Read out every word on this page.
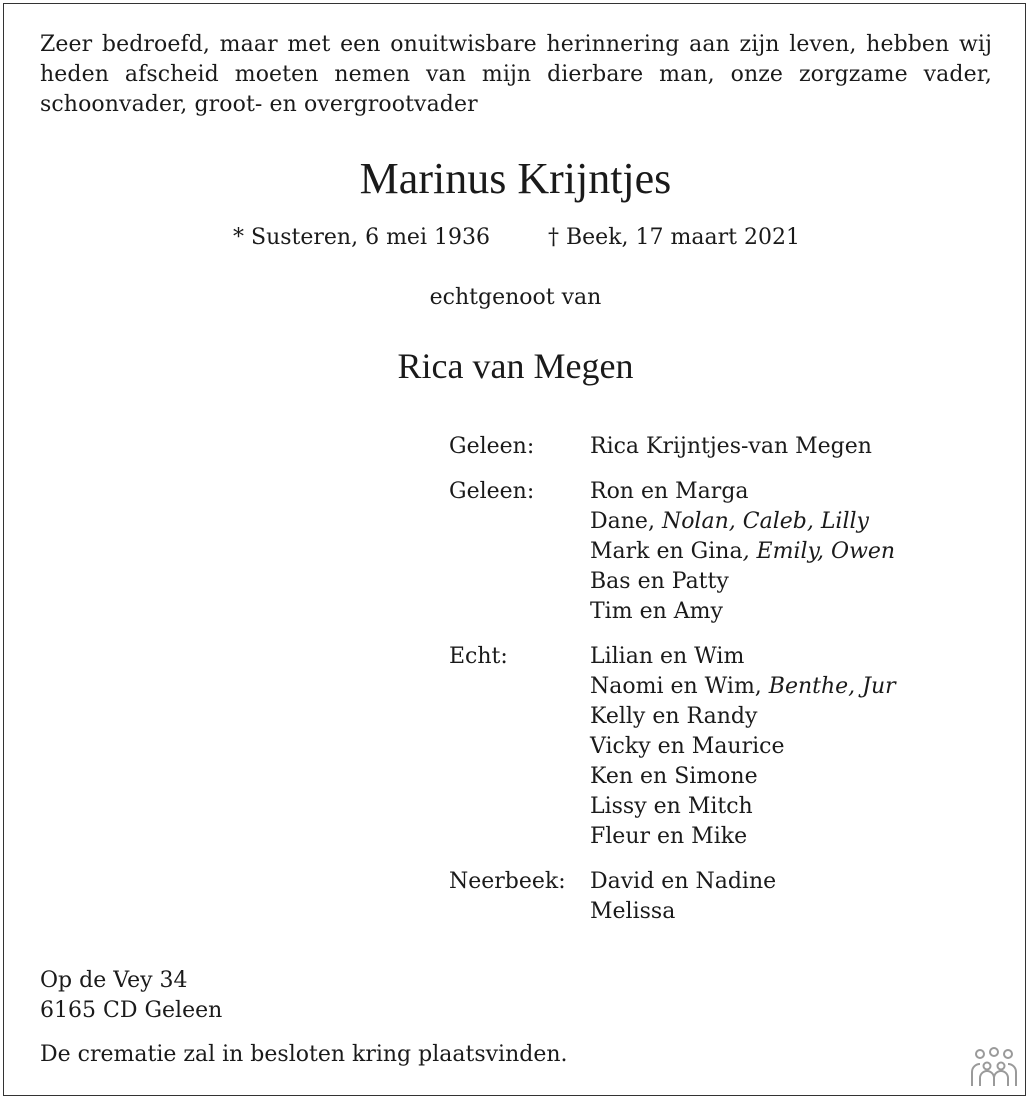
Zeer bedroefd, maar met een onuitwisbare herinnering aan zijn leven, hebben wij
heden afscheid moeten nemen van mijn dierbare man, onze zorgzame vader,
schoonvader, groot- en overgrootvader
Marinus Krijntjes
* Susteren, 6 mei 1936	† Beek, 17 maart 2021
echtgenoot van
Rica van Megen
Geleen:	Rica Krijntjes-van Megen
Geleen:	Ron en Marga
Dane, Nolan, Caleb, Lilly
Mark en Gina, Emily, Owen
Bas en Patty
Tim en Amy
Echt:	Lilian en Wim
Naomi en Wim, Benthe, Jur
Kelly en Randy
Vicky en Maurice
Ken en Simone
Lissy en Mitch
Fleur en Mike
Neerbeek:	David en Nadine
Melissa
Op de Vey 34
6165 CD Geleen
De crematie zal in besloten kring plaatsvinden.
